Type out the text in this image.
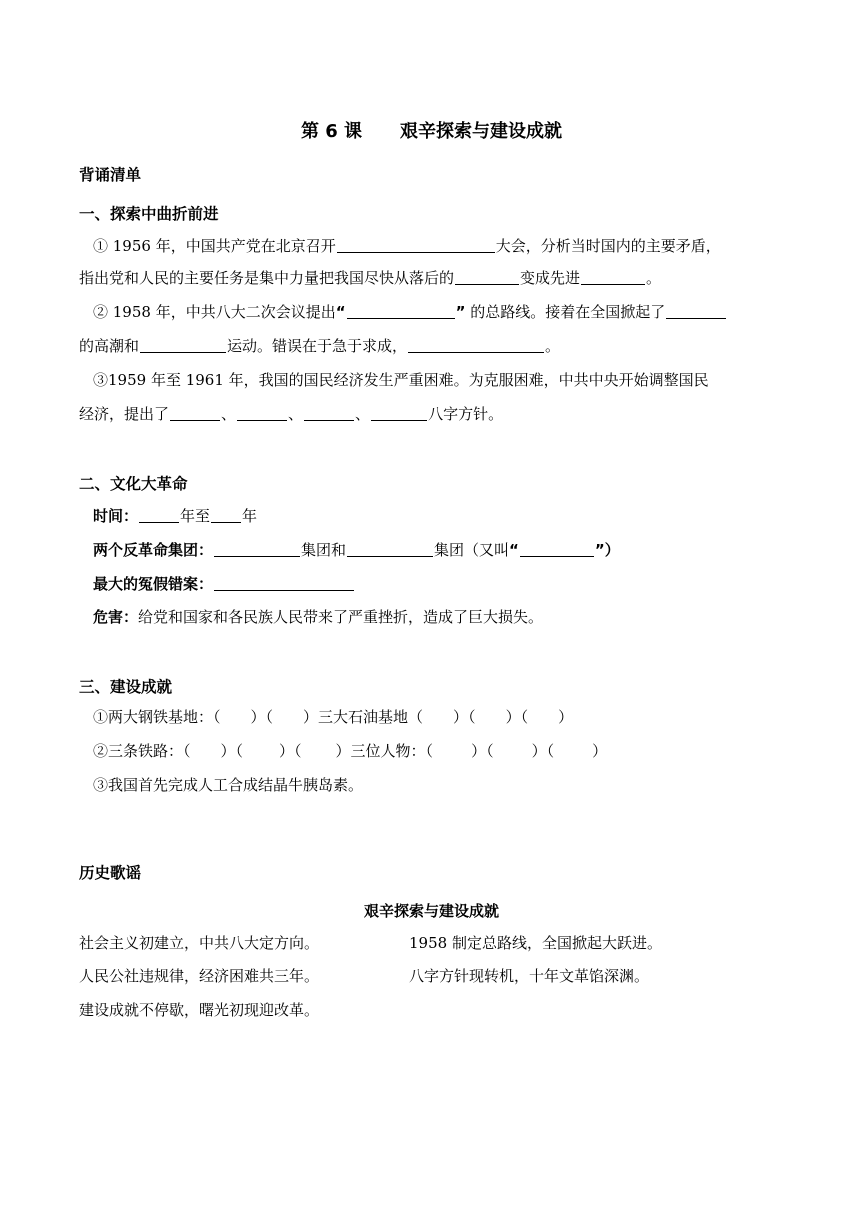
第 6 课 艰辛探索与建设成就
背诵清单
一、探索中曲折前进
① 1956 年，中国共产党在北京召开	大会，分析当时国内的主要矛盾，
指出党和人民的主要任务是集中力量把我国尽快从落后的	变成先进	。
② 1958 年，中共八大二次会议提出“	” 的总路线。接着在全国掀起了
的高潮和	运动。错误在于急于求成，	。
③1959 年至 1961 年，我国的国民经济发生严重困难。为克服困难，中共中央开始调整国民
经济，提出了	、	、	、	八字方针。
二、文化大革命
时间：	年至 年
两个反革命集团：	集团和	集团（又叫“	”）
最大的冤假错案：
危害：给党和国家和各民族人民带来了严重挫折，造成了巨大损失。
三、建设成就
①两大钢铁基地：（ ）（ ）三大石油基地（ ）（ ）（ ）
②三条铁路：（ ）（ ）（ ）三位人物：（	）（	）（	）
③我国首先完成人工合成结晶牛胰岛素。
历史歌谣
艰辛探索与建设成就
社会主义初建立，中共八大定方向。	1958 制定总路线，全国掀起大跃进。
人民公社违规律，经济困难共三年。	八字方针现转机，十年文革馅深渊。
建设成就不停歇，曙光初现迎改革。
